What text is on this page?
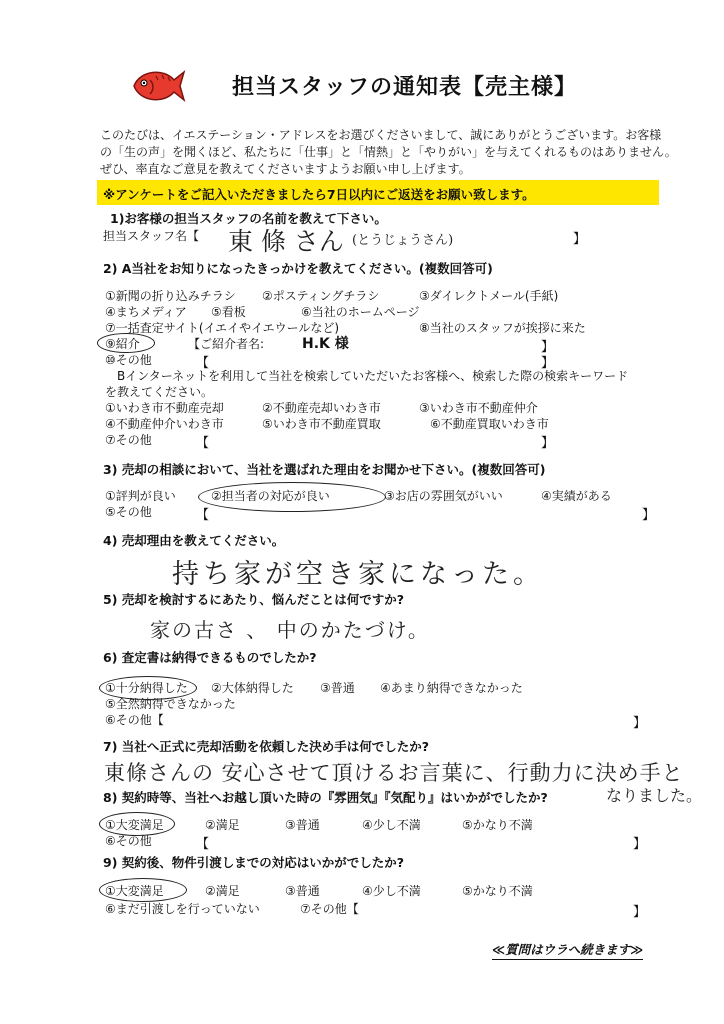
担当スタッフの通知表【売主様】
このたびは、イエステーション・アドレスをお選びくださいまして、誠にありがとうございます。お客様
の「生の声」を聞くほど、私たちに「仕事」と「情熱」と「やりがい」を与えてくれるものはありません。
ぜひ、率直なご意見を教えてくださいますようお願い申し上げます。
※アンケートをご記入いただきましたら7日以内にご返送をお願い致します。
1)お客様の担当スタッフの名前を教えて下さい。
担当スタッフ名【 東 條 さん (とうじょうさん)	】
2) A当社をお知りになったきっかけを教えてください。(複数回答可)
①新聞の折り込みチラシ ②ポスティングチラシ	③ダイレクトメール(手紙)
④まちメディア ⑤看板	⑥当社のホームページ
⑦一括査定サイト(イエイやイエウールなど)	⑧当社のスタッフが挨拶に来た
⑨紹介	【ご紹介者名:	H.K 様	】
⑩その他	【	】
Bインターネットを利用して当社を検索していただいたお客様へ、検索した際の検索キーワード
を教えてください。
①いわき市不動産売却	②不動産売却いわき市	③いわき市不動産仲介
④不動産仲介いわき市	⑤いわき市不動産買取	⑥不動産買取いわき市
⑦その他	【	】
3) 売却の相談において、当社を選ばれた理由をお聞かせ下さい。(複数回答可)
①評判が良い	②担当者の対応が良い	③お店の雰囲気がいい	④実績がある
⑤その他	【	】
4) 売却理由を教えてください。
持ち家が空き家になった。
5) 売却を検討するにあたり、悩んだことは何ですか?
家の古さ 、 中のかたづけ。
6) 査定書は納得できるものでしたか?
①十分納得した ②大体納得した ③普通 ④あまり納得できなかった
⑤全然納得できなかった
⑥その他【	】
7) 当社へ正式に売却活動を依頼した決め手は何でしたか?
東條さんの 安心させて頂けるお言葉に、行動力に決め手と
なりました。
8) 契約時等、当社へお越し頂いた時の『雰囲気』『気配り』はいかがでしたか?
①大変満足	②満足	③普通	④少し不満	⑤かなり不満
⑥その他	【	】
9) 契約後、物件引渡しまでの対応はいかがでしたか?
①大変満足	②満足	③普通	④少し不満	⑤かなり不満
⑥まだ引渡しを行っていない	⑦その他【	】
≪質問はウラへ続きます≫
